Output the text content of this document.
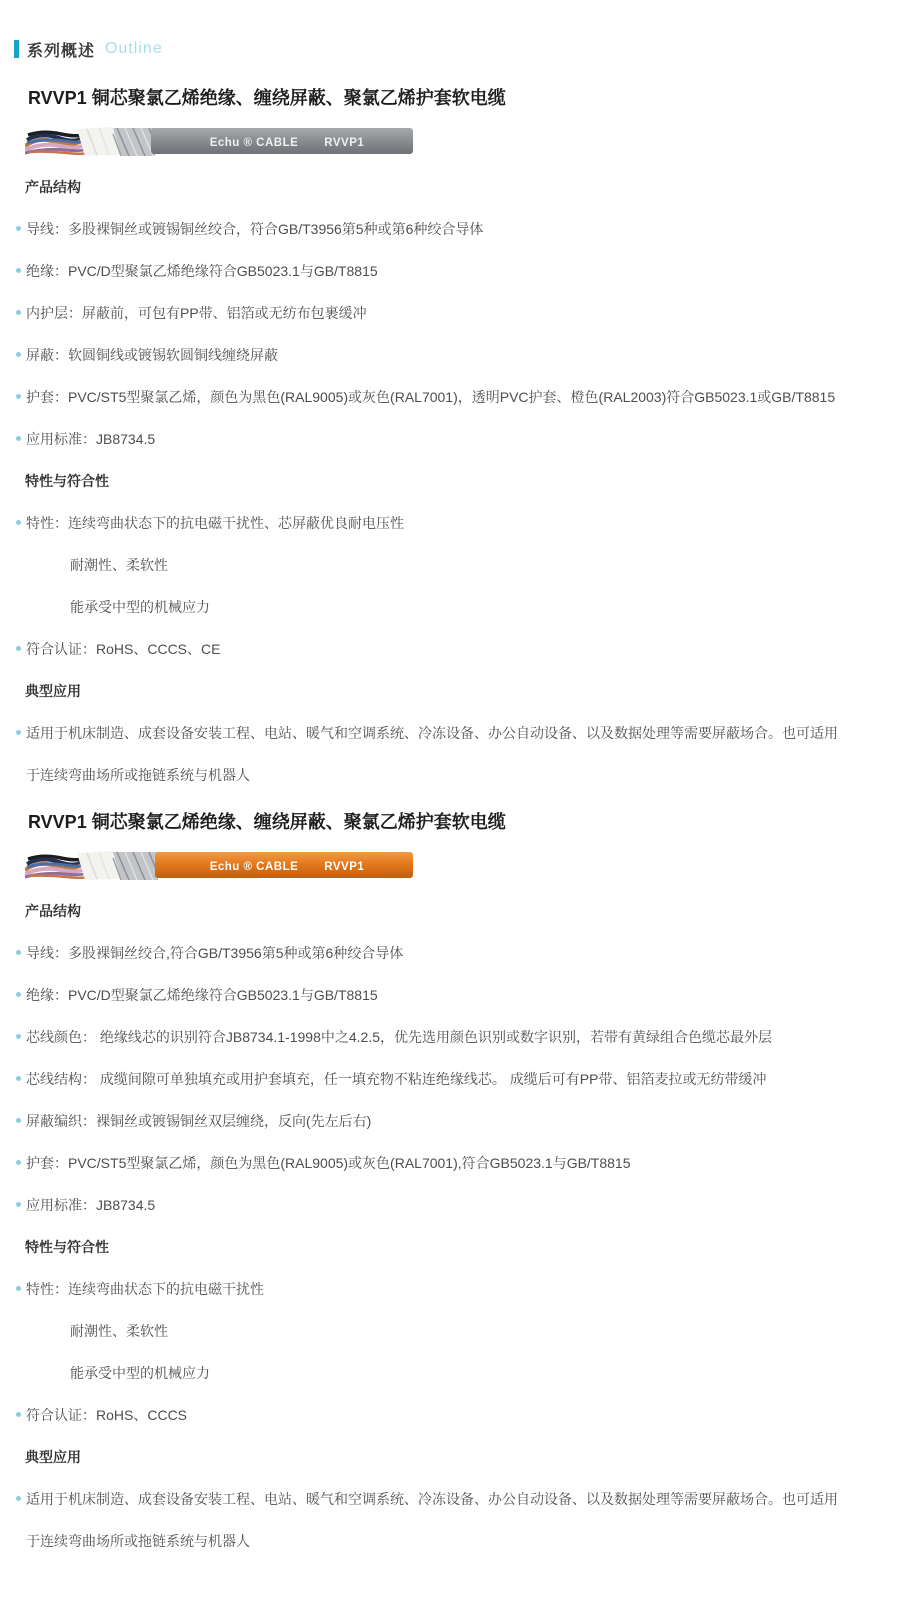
系列概述 Outline
RVVP1 铜芯聚氯乙烯绝缘、缠绕屏蔽、聚氯乙烯护套软电缆
Echu ® CABLE RVVP1
产品结构
导线：多股裸铜丝或镀锡铜丝绞合，符合GB/T3956第5种或第6种绞合导体
绝缘：PVC/D型聚氯乙烯绝缘符合GB5023.1与GB/T8815
内护层：屏蔽前，可包有PP带、铝箔或无纺布包裹缓冲
屏蔽：软圆铜线或镀锡软圆铜线缠绕屏蔽
护套：PVC/ST5型聚氯乙烯，颜色为黑色(RAL9005)或灰色(RAL7001)，透明PVC护套、橙色(RAL2003)符合GB5023.1或GB/T8815
应用标准：JB8734.5
特性与符合性
特性：连续弯曲状态下的抗电磁干扰性、芯屏蔽优良耐电压性
耐潮性、柔软性
能承受中型的机械应力
符合认证：RoHS、CCCS、CE
典型应用
适用于机床制造、成套设备安装工程、电站、暖气和空调系统、冷冻设备、办公自动设备、以及数据处理等需要屏蔽场合。也可适用
于连续弯曲场所或拖链系统与机器人
RVVP1 铜芯聚氯乙烯绝缘、缠绕屏蔽、聚氯乙烯护套软电缆
Echu ® CABLE RVVP1
产品结构
导线：多股裸铜丝绞合,符合GB/T3956第5种或第6种绞合导体
绝缘：PVC/D型聚氯乙烯绝缘符合GB5023.1与GB/T8815
芯线颜色： 绝缘线芯的识别符合JB8734.1-1998中之4.2.5，优先选用颜色识别或数字识别，若带有黄绿组合色缆芯最外层
芯线结构： 成缆间隙可单独填充或用护套填充，任一填充物不粘连绝缘线芯。 成缆后可有PP带、铝箔麦拉或无纺带缓冲
屏蔽编织：裸铜丝或镀锡铜丝双层缠绕，反向(先左后右)
护套：PVC/ST5型聚氯乙烯，颜色为黑色(RAL9005)或灰色(RAL7001),符合GB5023.1与GB/T8815
应用标准：JB8734.5
特性与符合性
特性：连续弯曲状态下的抗电磁干扰性
耐潮性、柔软性
能承受中型的机械应力
符合认证：RoHS、CCCS
典型应用
适用于机床制造、成套设备安装工程、电站、暖气和空调系统、冷冻设备、办公自动设备、以及数据处理等需要屏蔽场合。也可适用
于连续弯曲场所或拖链系统与机器人
